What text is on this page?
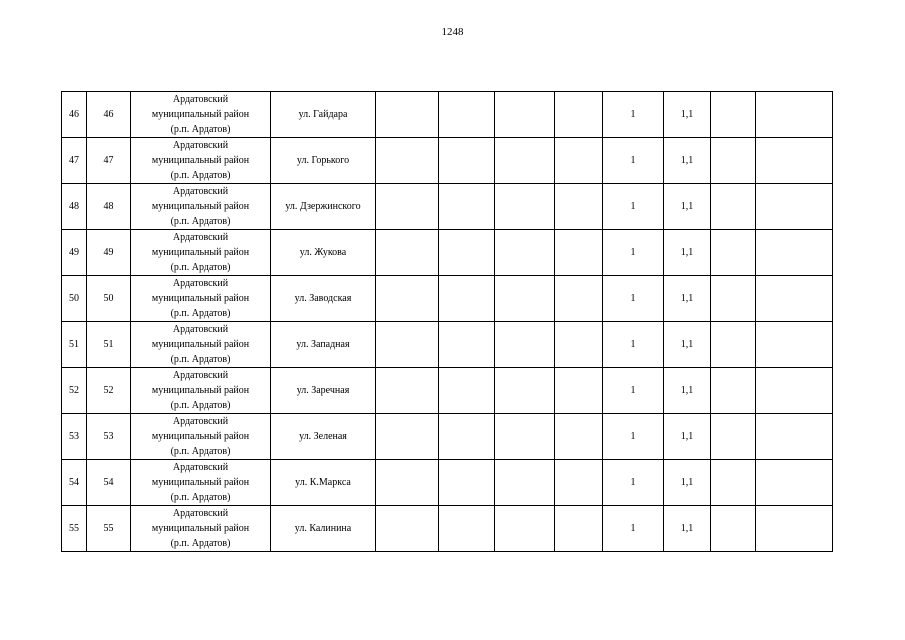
1248
46	46	Ардатовский
муниципальный район
(р.п. Ардатов)	ул. Гайдара					1	1,1		
47	47	Ардатовский
муниципальный район
(р.п. Ардатов)	ул. Горького					1	1,1		
48	48	Ардатовский
муниципальный район
(р.п. Ардатов)	ул. Дзержинского					1	1,1		
49	49	Ардатовский
муниципальный район
(р.п. Ардатов)	ул. Жукова					1	1,1		
50	50	Ардатовский
муниципальный район
(р.п. Ардатов)	ул. Заводская					1	1,1		
51	51	Ардатовский
муниципальный район
(р.п. Ардатов)	ул. Западная					1	1,1		
52	52	Ардатовский
муниципальный район
(р.п. Ардатов)	ул. Заречная					1	1,1		
53	53	Ардатовский
муниципальный район
(р.п. Ардатов)	ул. Зеленая					1	1,1		
54	54	Ардатовский
муниципальный район
(р.п. Ардатов)	ул. К.Маркса					1	1,1		
55	55	Ардатовский
муниципальный район
(р.п. Ардатов)	ул. Калинина					1	1,1		
